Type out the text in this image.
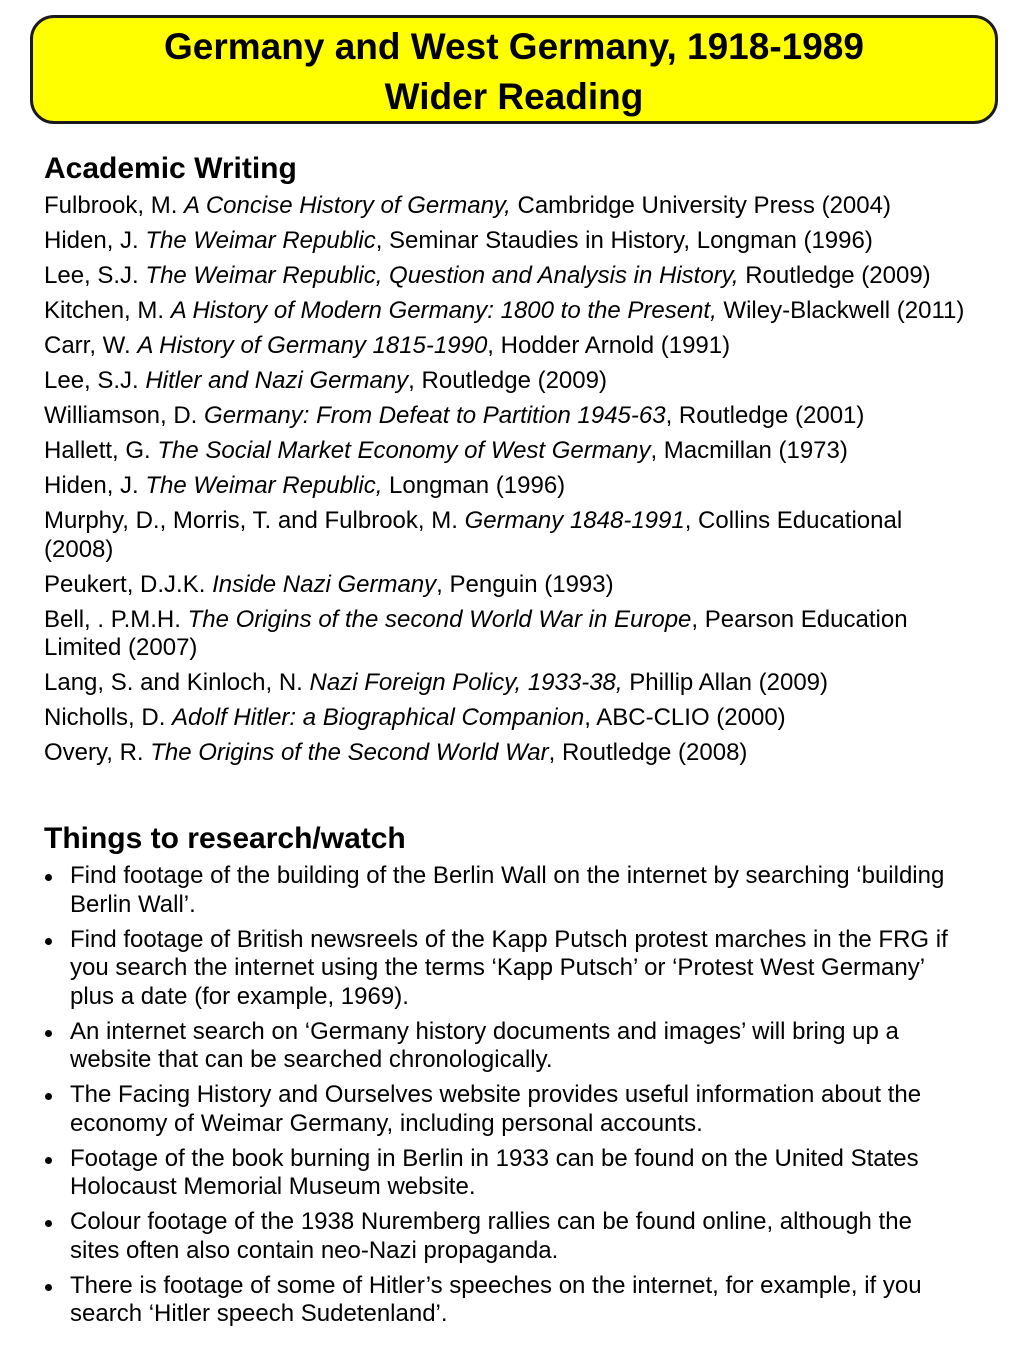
Germany and West Germany, 1918-1989
Wider Reading
Academic Writing
Fulbrook, M. A Concise History of Germany, Cambridge University Press (2004)
Hiden, J. The Weimar Republic, Seminar Staudies in History, Longman (1996)
Lee, S.J. The Weimar Republic, Question and Analysis in History, Routledge (2009)
Kitchen, M. A History of Modern Germany: 1800 to the Present, Wiley-Blackwell (2011)
Carr, W. A History of Germany 1815-1990, Hodder Arnold (1991)
Lee, S.J. Hitler and Nazi Germany, Routledge (2009)
Williamson, D. Germany: From Defeat to Partition 1945-63, Routledge (2001)
Hallett, G. The Social Market Economy of West Germany, Macmillan (1973)
Hiden, J. The Weimar Republic, Longman (1996)
Murphy, D., Morris, T. and Fulbrook, M. Germany 1848-1991, Collins Educational
(2008)
Peukert, D.J.K. Inside Nazi Germany, Penguin (1993)
Bell, . P.M.H. The Origins of the second World War in Europe, Pearson Education
Limited (2007)
Lang, S. and Kinloch, N. Nazi Foreign Policy, 1933-38, Phillip Allan (2009)
Nicholls, D. Adolf Hitler: a Biographical Companion, ABC-CLIO (2000)
Overy, R. The Origins of the Second World War, Routledge (2008)
Things to research/watch
Find footage of the building of the Berlin Wall on the internet by searching ‘building
Berlin Wall’.
Find footage of British newsreels of the Kapp Putsch protest marches in the FRG if
you search the internet using the terms ‘Kapp Putsch’ or ‘Protest West Germany’
plus a date (for example, 1969).
An internet search on ‘Germany history documents and images’ will bring up a
website that can be searched chronologically.
The Facing History and Ourselves website provides useful information about the
economy of Weimar Germany, including personal accounts.
Footage of the book burning in Berlin in 1933 can be found on the United States
Holocaust Memorial Museum website.
Colour footage of the 1938 Nuremberg rallies can be found online, although the
sites often also contain neo-Nazi propaganda.
There is footage of some of Hitler’s speeches on the internet, for example, if you
search ‘Hitler speech Sudetenland’.
